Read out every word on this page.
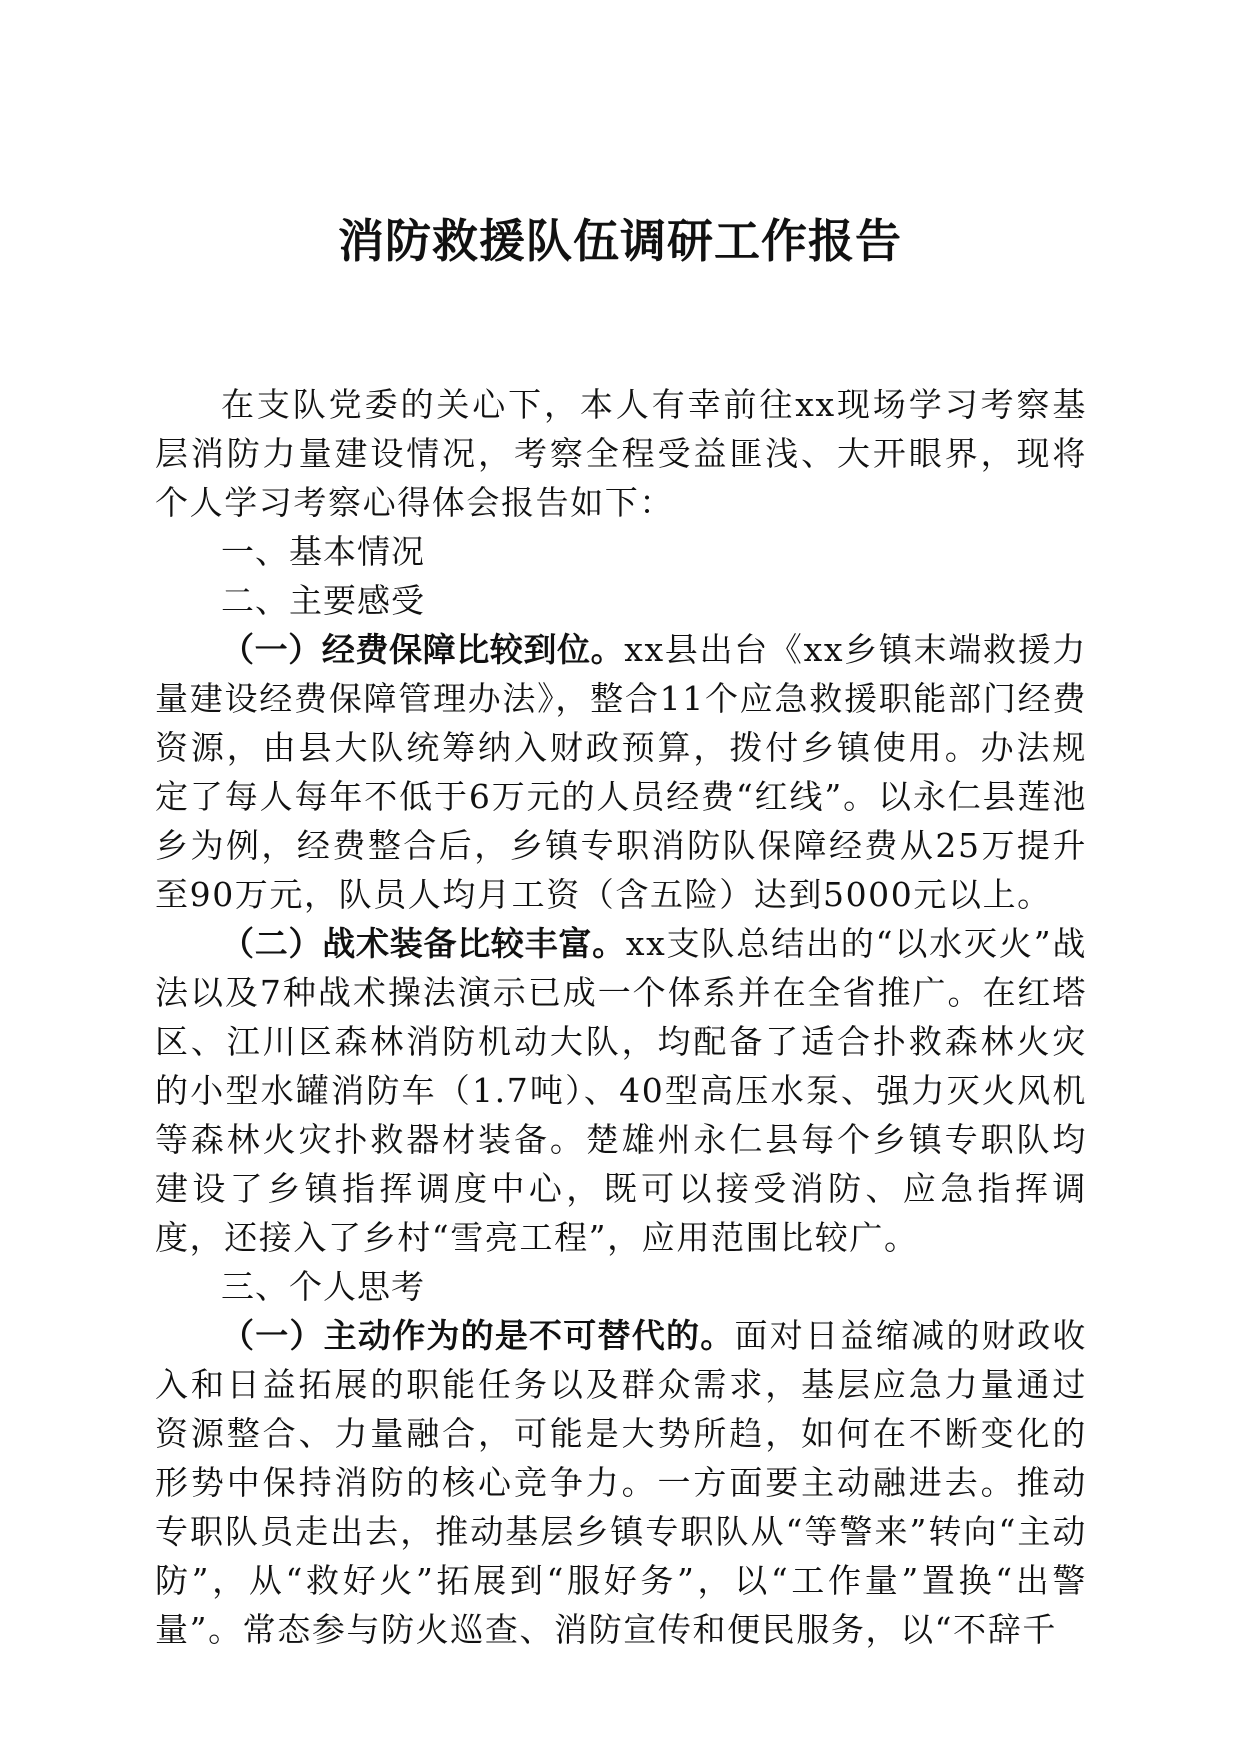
消防救援队伍调研工作报告

在支队党委的关心下，本人有幸前往xx现场学习考察基层消防力量建设情况，考察全程受益匪浅、大开眼界，现将个人学习考察心得体会报告如下：

一、基本情况

二、主要感受

（一）经费保障比较到位。xx县出台《xx乡镇末端救援力量建设经费保障管理办法》，整合11个应急救援职能部门经费资源，由县大队统筹纳入财政预算，拨付乡镇使用。办法规定了每人每年不低于6万元的人员经费“红线”。以永仁县莲池乡为例，经费整合后，乡镇专职消防队保障经费从25万提升至90万元，队员人均月工资（含五险）达到5000元以上。

（二）战术装备比较丰富。xx支队总结出的“以水灭火”战法以及7种战术操法演示已成一个体系并在全省推广。在红塔区、江川区森林消防机动大队，均配备了适合扑救森林火灾的小型水罐消防车（1.7吨）、40型高压水泵、强力灭火风机等森林火灾扑救器材装备。楚雄州永仁县每个乡镇专职队均建设了乡镇指挥调度中心，既可以接受消防、应急指挥调度，还接入了乡村“雪亮工程”，应用范围比较广。

三、个人思考

（一）主动作为的是不可替代的。面对日益缩减的财政收入和日益拓展的职能任务以及群众需求，基层应急力量通过资源整合、力量融合，可能是大势所趋，如何在不断变化的形势中保持消防的核心竞争力。一方面要主动融进去。推动专职队员走出去，推动基层乡镇专职队从“等警来”转向“主动防”，从“救好火”拓展到“服好务”，以“工作量”置换“出警量”。常态参与防火巡查、消防宣传和便民服务，以“不辞千
